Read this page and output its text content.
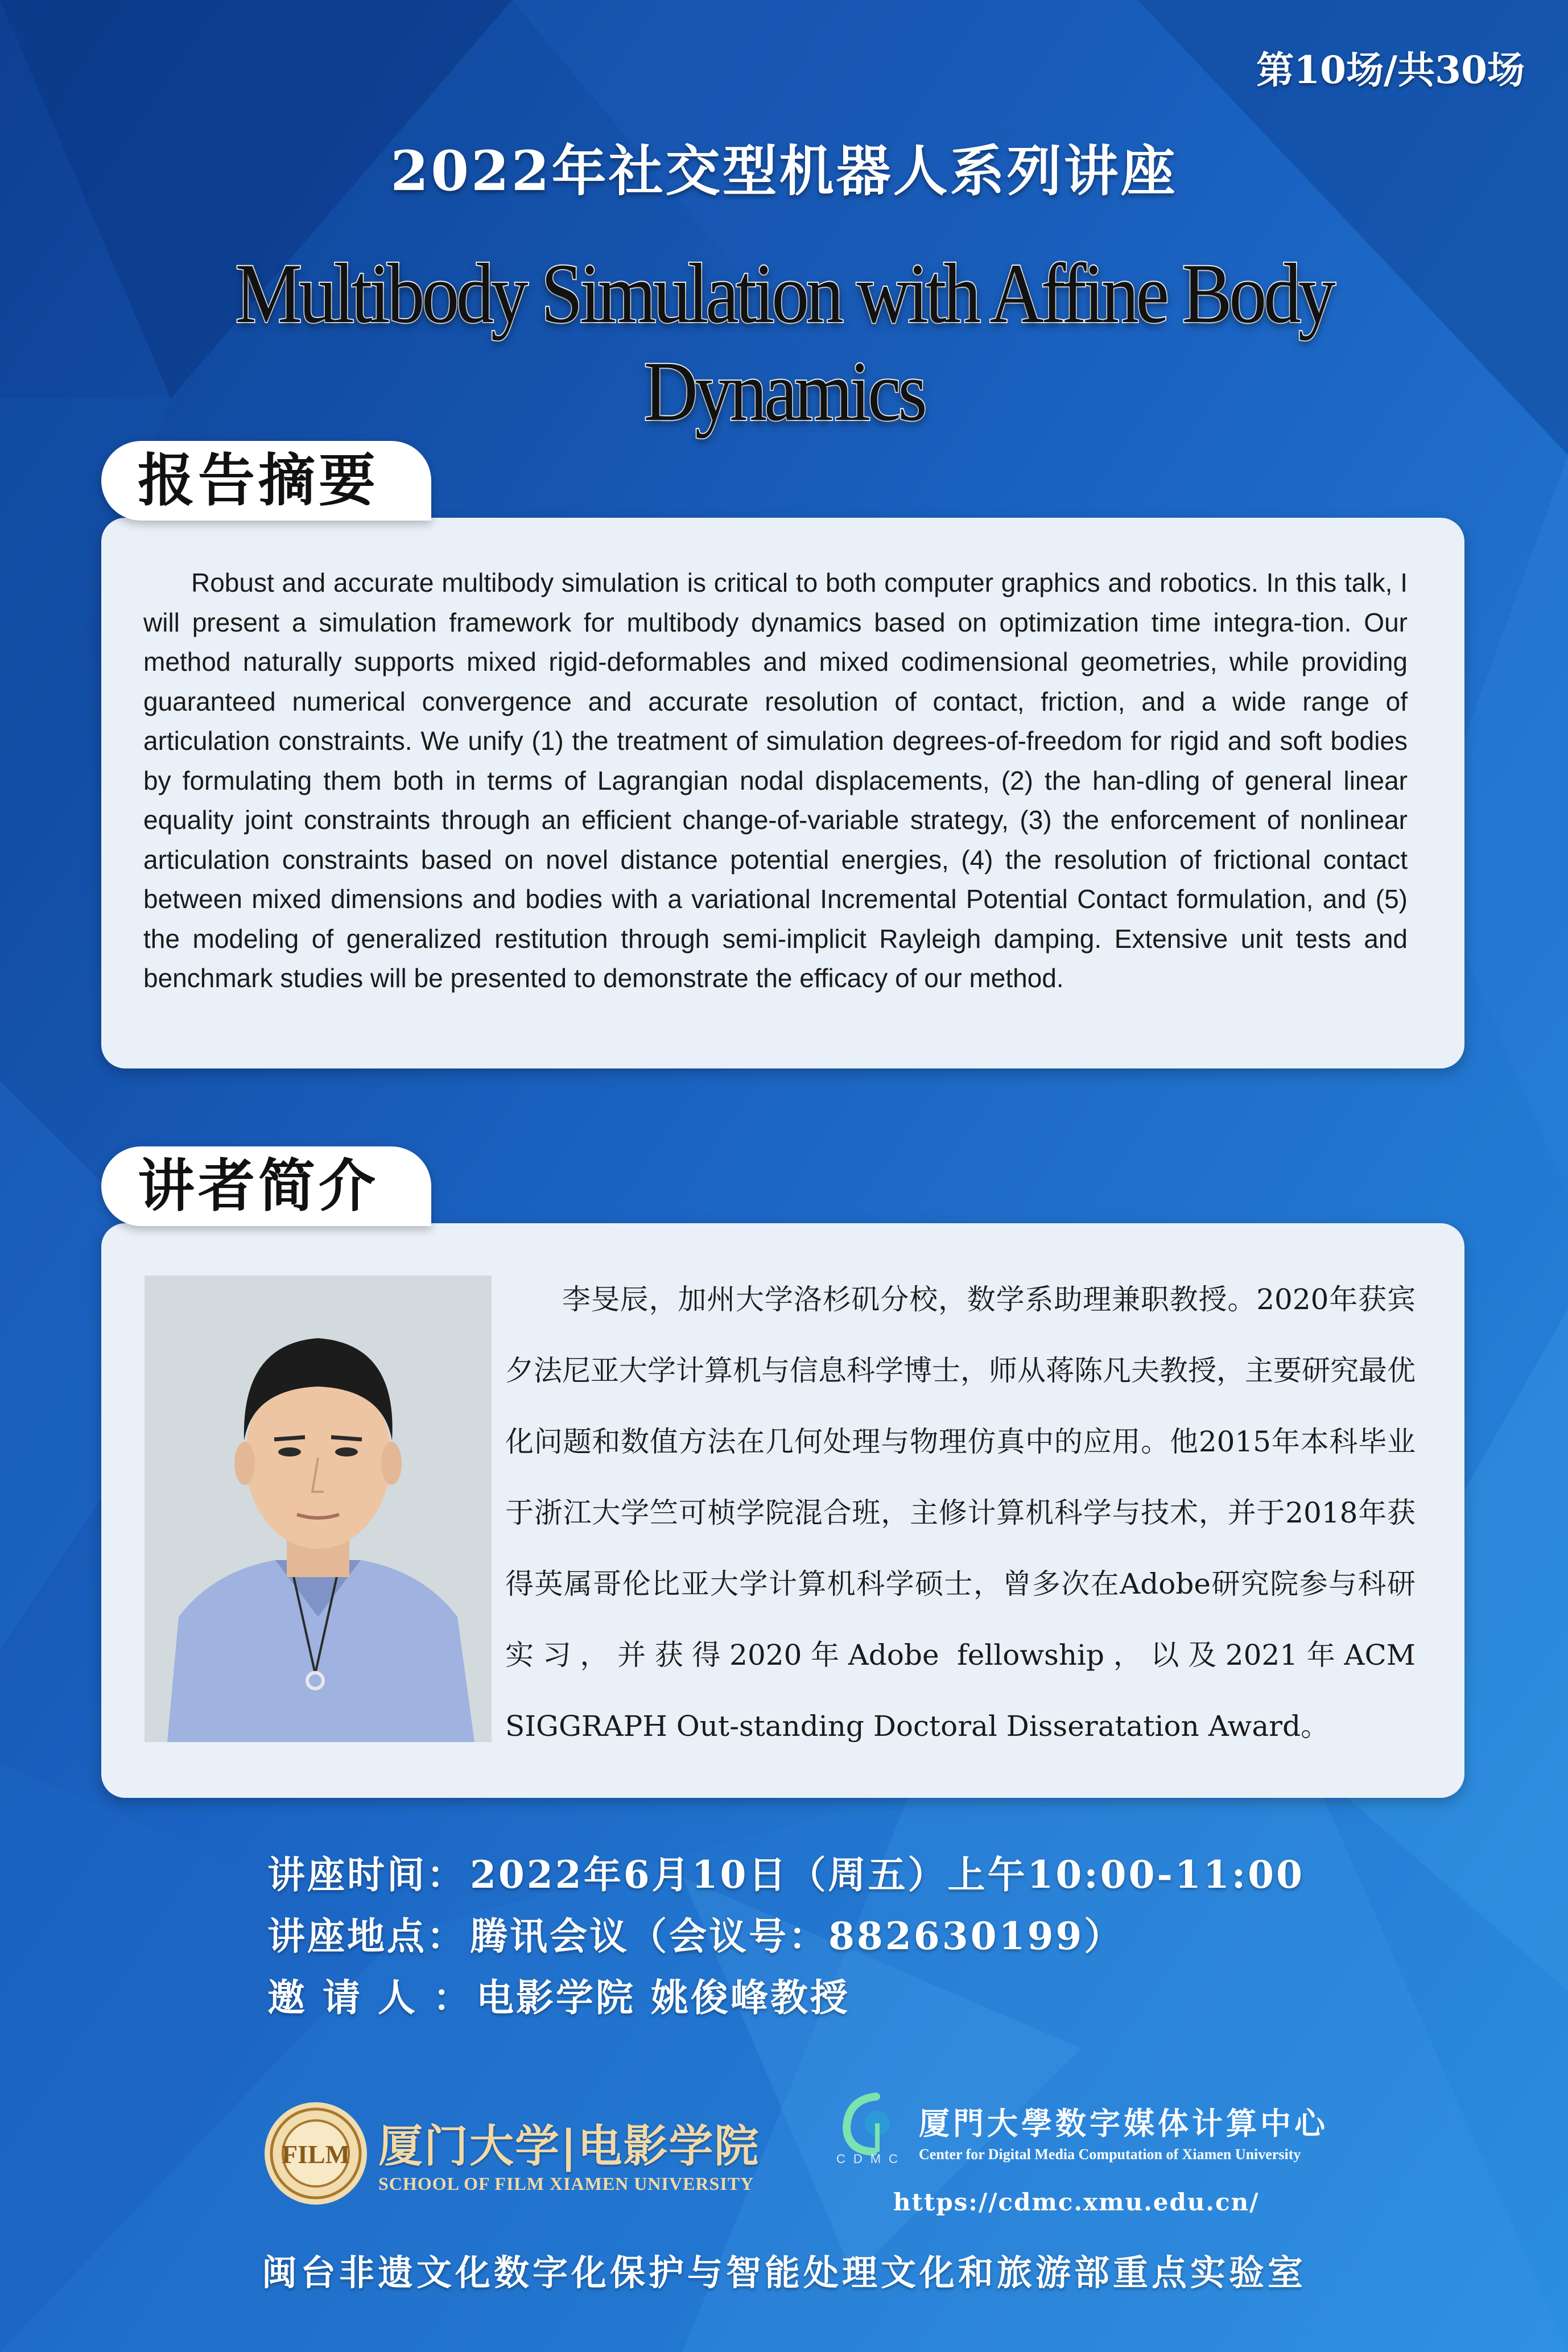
第10场/共30场
2022年社交型机器人系列讲座
Multibody Simulation with Affine Body Dynamics
Robust and accurate multibody simulation is critical to both computer graphics and robotics. In this talk, I will present a simulation framework for multibody dynamics based on optimization time integra-tion. Our method naturally supports mixed rigid-deformables and mixed codimensional geometries, while providing guaranteed numerical convergence and accurate resolution of contact, friction, and a wide range of articulation constraints. We unify (1) the treatment of simulation degrees-of-freedom for rigid and soft bodies by formulating them both in terms of Lagrangian nodal displacements, (2) the han-dling of general linear equality joint constraints through an efficient change-of-variable strategy, (3) the enforcement of nonlinear articulation constraints based on novel distance potential energies, (4) the resolution of frictional contact between mixed dimensions and bodies with a variational Incremental Potential Contact formulation, and (5) the modeling of generalized restitution through semi-implicit Rayleigh damping. Extensive unit tests and benchmark studies will be presented to demonstrate the efficacy of our method.
报告摘要
李旻辰，加州大学洛杉矶分校，数学系助理兼职教授。2020年获宾夕法尼亚大学计算机与信息科学博士，师从蒋陈凡夫教授，主要研究最优化问题和数值方法在几何处理与物理仿真中的应用。他2015年本科毕业于浙江大学竺可桢学院混合班，主修计算机科学与技术，并于2018年获得英属哥伦比亚大学计算机科学硕士，曾多次在Adobe研究院参与科研实习，并获得2020年Adobe fellowship，以及2021年ACM SIGGRAPH Out-standing Doctoral Disseratation Award。
讲者简介
讲座时间：2022年6月10日（周五）上午10:00-11:00
讲座地点：腾讯会议（会议号：882630199）
邀 请 人 ：电影学院 姚俊峰教授
FILM 厦门大学|电影学院
SCHOOL OF FILM XIAMEN UNIVERSITY
厦門大學数字媒体计算中心
CDMC Center for Digital Media Computation of Xiamen University
https://cdmc.xmu.edu.cn/
闽台非遗文化数字化保护与智能处理文化和旅游部重点实验室
